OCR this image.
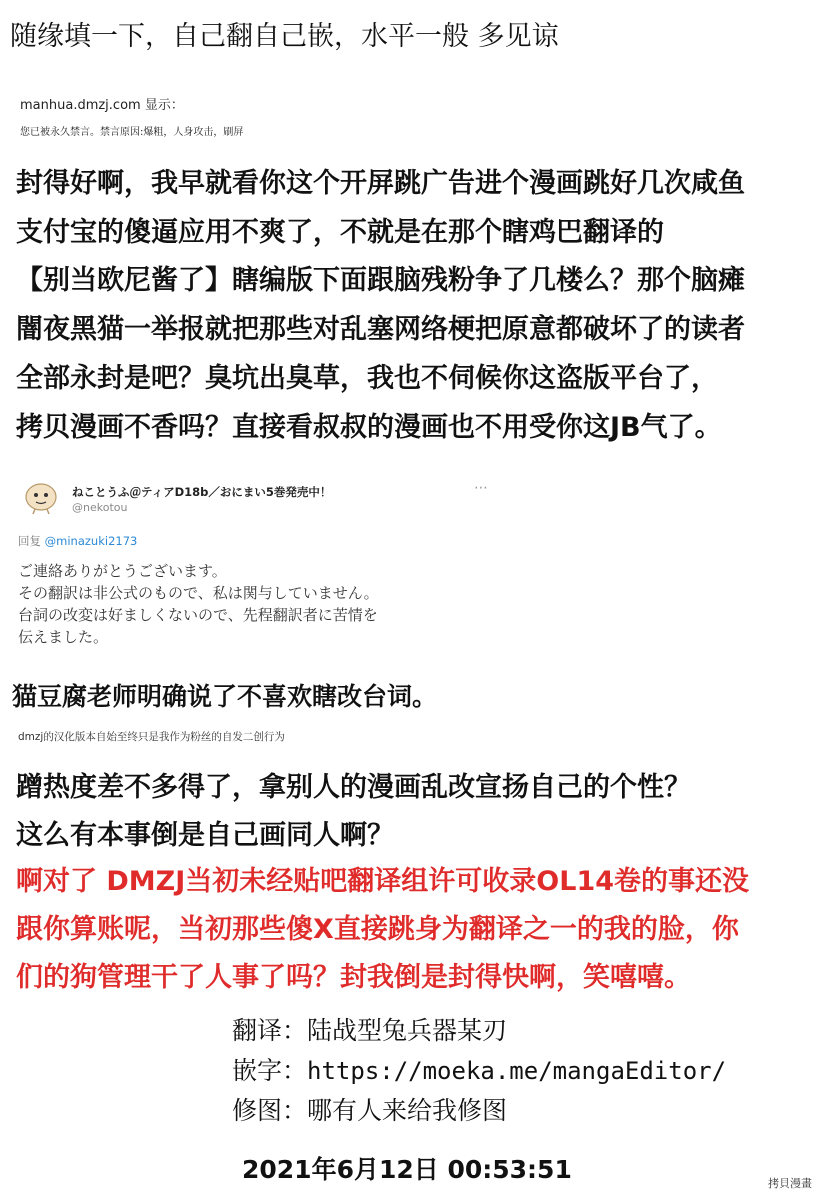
随缘填一下，自己翻自己嵌，水平一般 多见谅
manhua.dmzj.com 显示：
您已被永久禁言。禁言原因:爆粗，人身攻击，刷屏
封得好啊，我早就看你这个开屏跳广告进个漫画跳好几次咸鱼
支付宝的傻逼应用不爽了，不就是在那个瞎鸡巴翻译的
【别当欧尼酱了】瞎编版下面跟脑残粉争了几楼么？那个脑瘫
闇夜黑猫一举报就把那些对乱塞网络梗把原意都破坏了的读者
全部永封是吧？臭坑出臭草，我也不伺候你这盗版平台了，
拷贝漫画不香吗？直接看叔叔的漫画也不用受你这JB气了。
ねことうふ＠ティアD18b／おにまい5巻発売中！
@nekotou
⋯
回复 @minazuki2173
ご連絡ありがとうございます。
その翻訳は非公式のもので、私は関与していません。
台詞の改変は好ましくないので、先程翻訳者に苦情を
伝えました。
猫豆腐老师明确说了不喜欢瞎改台词。
dmzj的汉化版本自始至终只是我作为粉丝的自发二创行为
蹭热度差不多得了，拿别人的漫画乱改宣扬自己的个性？
这么有本事倒是自己画同人啊？
啊对了 DMZJ当初未经贴吧翻译组许可收录OL14卷的事还没
跟你算账呢，当初那些傻X直接跳身为翻译之一的我的脸，你
们的狗管理干了人事了吗？封我倒是封得快啊，笑嘻嘻。
翻译：陆战型兔兵器某刃
嵌字：https://moeka.me/mangaEditor/
修图：哪有人来给我修图
2021年6月12日 00:53:51	拷貝漫畫
